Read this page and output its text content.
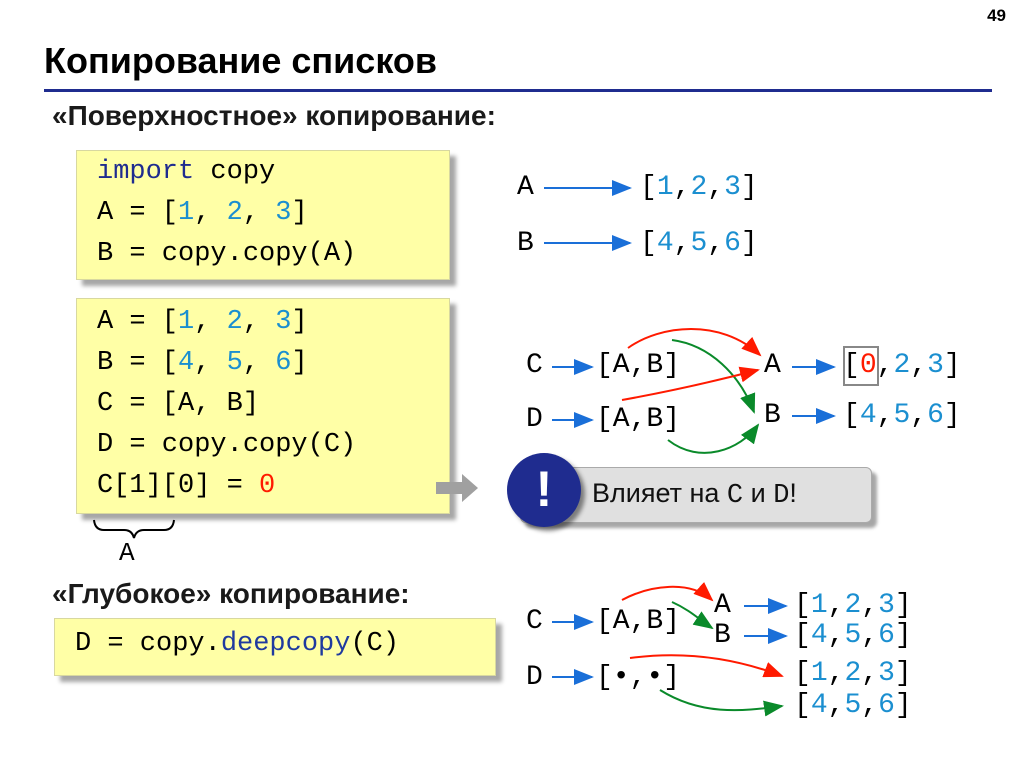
49
Копирование списков
«Поверхностное» копирование:
import copy
A = [1, 2, 3]
B = copy.copy(A)
A = [1, 2, 3]
B = [4, 5, 6]
C = [A, B]
D = copy.copy(C)
C[1][0] = 0
A
A
B
[1,2,3]
[4,5,6]
C
D
[A,B]
[A,B]
A
B
[0,2,3]
[4,5,6]
Влияет на C и D!
!
«Глубокое» копирование:
D = copy.deepcopy(C)
C
D
[A,B]
[•,•]
A
B
[1,2,3]
[4,5,6]
[1,2,3]
[4,5,6]
